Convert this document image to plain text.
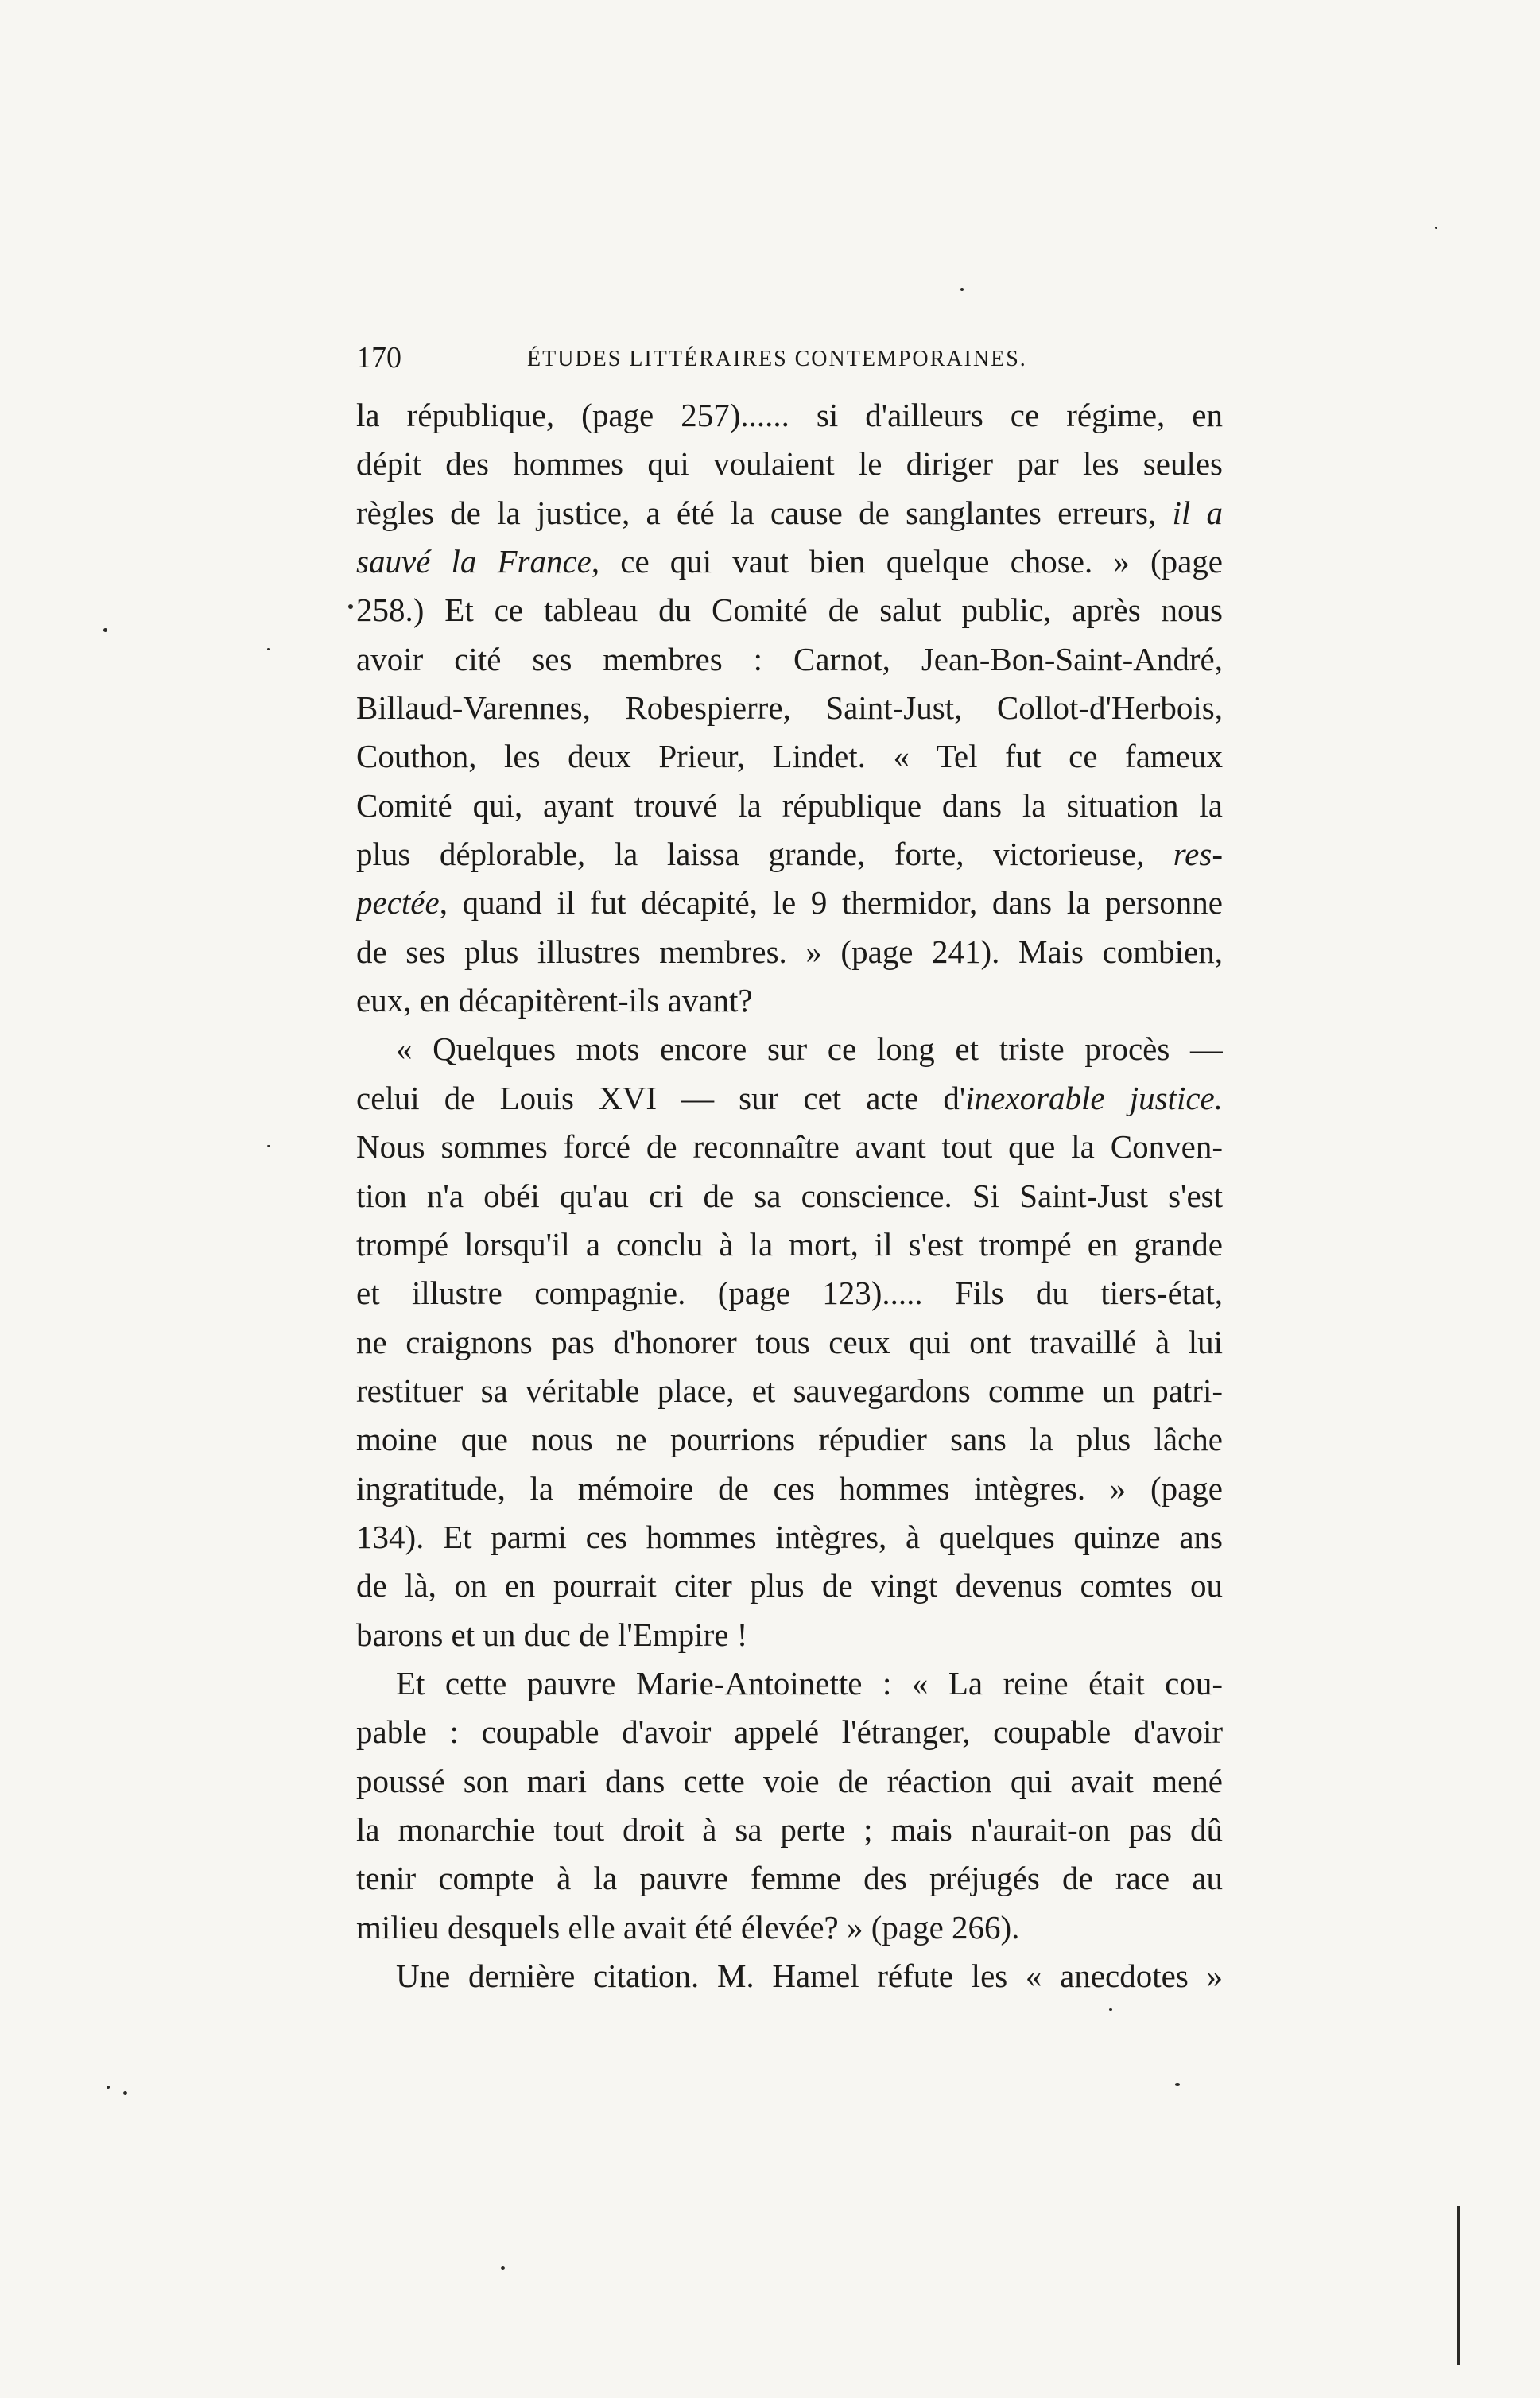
170	ÉTUDES LITTÉRAIRES CONTEMPORAINES.
la république, (page 257)...... si d'ailleurs ce régime, en
dépit des hommes qui voulaient le diriger par les seules
règles de la justice, a été la cause de sanglantes erreurs, il a
sauvé la France, ce qui vaut bien quelque chose. » (page
258.) Et ce tableau du Comité de salut public, après nous
avoir cité ses membres : Carnot, Jean-Bon-Saint-André,
Billaud-Varennes, Robespierre, Saint-Just, Collot-d'Herbois,
Couthon, les deux Prieur, Lindet. « Tel fut ce fameux
Comité qui, ayant trouvé la république dans la situation la
plus déplorable, la laissa grande, forte, victorieuse, res-
pectée, quand il fut décapité, le 9 thermidor, dans la personne
de ses plus illustres membres. » (page 241). Mais combien,
eux, en décapitèrent-ils avant?
« Quelques mots encore sur ce long et triste procès —
celui de Louis XVI — sur cet acte d'inexorable justice.
Nous sommes forcé de reconnaître avant tout que la Conven-
tion n'a obéi qu'au cri de sa conscience. Si Saint-Just s'est
trompé lorsqu'il a conclu à la mort, il s'est trompé en grande
et illustre compagnie. (page 123)..... Fils du tiers-état,
ne craignons pas d'honorer tous ceux qui ont travaillé à lui
restituer sa véritable place, et sauvegardons comme un patri-
moine que nous ne pourrions répudier sans la plus lâche
ingratitude, la mémoire de ces hommes intègres. » (page
134). Et parmi ces hommes intègres, à quelques quinze ans
de là, on en pourrait citer plus de vingt devenus comtes ou
barons et un duc de l'Empire !
Et cette pauvre Marie-Antoinette : « La reine était cou-
pable : coupable d'avoir appelé l'étranger, coupable d'avoir
poussé son mari dans cette voie de réaction qui avait mené
la monarchie tout droit à sa perte ; mais n'aurait-on pas dû
tenir compte à la pauvre femme des préjugés de race au
milieu desquels elle avait été élevée? » (page 266).
Une dernière citation. M. Hamel réfute les « anecdotes »
